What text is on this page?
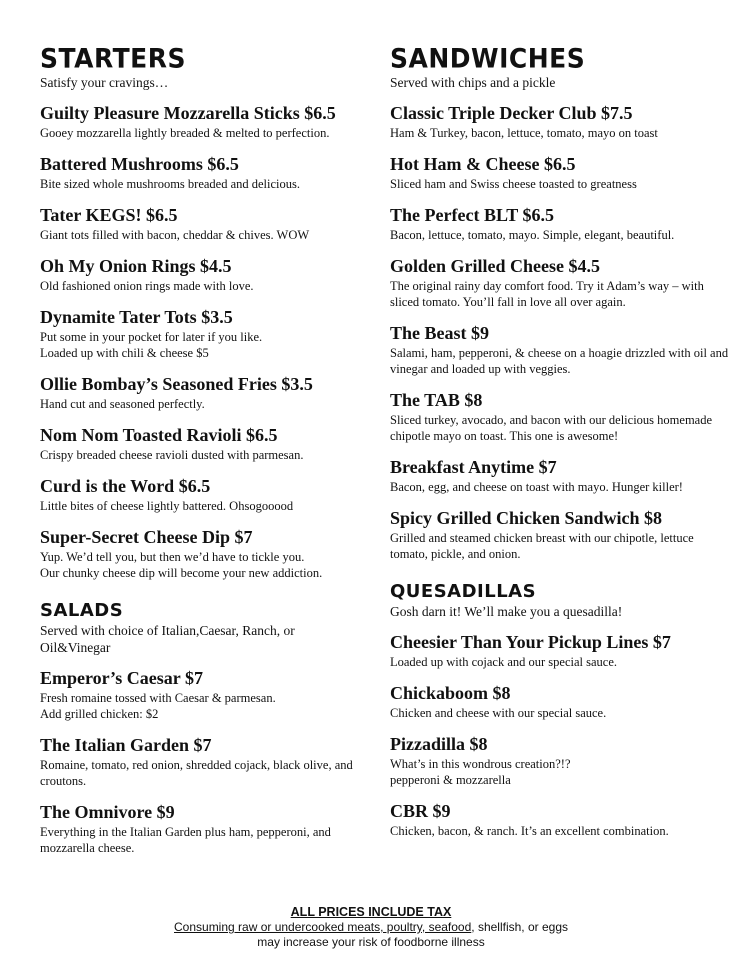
STARTERS

Satisfy your cravings…

Guilty Pleasure Mozzarella Sticks $6.5

Gooey mozzarella lightly breaded & melted to perfection.

Battered Mushrooms $6.5

Bite sized whole mushrooms breaded and delicious.

Tater KEGS! $6.5

Giant tots filled with bacon, cheddar & chives. WOW

Oh My Onion Rings $4.5

Old fashioned onion rings made with love.

Dynamite Tater Tots $3.5

Put some in your pocket for later if you like.
Loaded up with chili & cheese $5

Ollie Bombay’s Seasoned Fries $3.5

Hand cut and seasoned perfectly.

Nom Nom Toasted Ravioli $6.5

Crispy breaded cheese ravioli dusted with parmesan.

Curd is the Word $6.5

Little bites of cheese lightly battered. Ohsogooood

Super-Secret Cheese Dip $7

Yup. We’d tell you, but then we’d have to tickle you.
Our chunky cheese dip will become your new addiction.

SALADS

Served with choice of Italian,Caesar, Ranch, or Oil&Vinegar

Emperor’s Caesar $7

Fresh romaine tossed with Caesar & parmesan.
Add grilled chicken: $2

The Italian Garden $7

Romaine, tomato, red onion, shredded cojack, black olive, and croutons.

The Omnivore $9

Everything in the Italian Garden plus ham, pepperoni, and mozzarella cheese.

SANDWICHES

Served with chips and a pickle

Classic Triple Decker Club $7.5

Ham & Turkey, bacon, lettuce, tomato, mayo on toast

Hot Ham & Cheese $6.5

Sliced ham and Swiss cheese toasted to greatness

The Perfect BLT $6.5

Bacon, lettuce, tomato, mayo. Simple, elegant, beautiful.

Golden Grilled Cheese $4.5

The original rainy day comfort food. Try it Adam’s way – with sliced tomato. You’ll fall in love all over again.

The Beast $9

Salami, ham, pepperoni, & cheese on a hoagie drizzled with oil and vinegar and loaded up with veggies.

The TAB $8

Sliced turkey, avocado, and bacon with our delicious homemade chipotle mayo on toast. This one is awesome!

Breakfast Anytime $7

Bacon, egg, and cheese on toast with mayo. Hunger killer!

Spicy Grilled Chicken Sandwich $8

Grilled and steamed chicken breast with our chipotle, lettuce tomato, pickle, and onion.

QUESADILLAS

Gosh darn it! We’ll make you a quesadilla!

Cheesier Than Your Pickup Lines $7

Loaded up with cojack and our special sauce.

Chickaboom $8

Chicken and cheese with our special sauce.

Pizzadilla $8

What’s in this wondrous creation?!?
pepperoni & mozzarella

CBR $9

Chicken, bacon, & ranch. It’s an excellent combination.

ALL PRICES INCLUDE TAX
Consuming raw or undercooked meats, poultry, seafood, shellfish, or eggs
may increase your risk of foodborne illness
